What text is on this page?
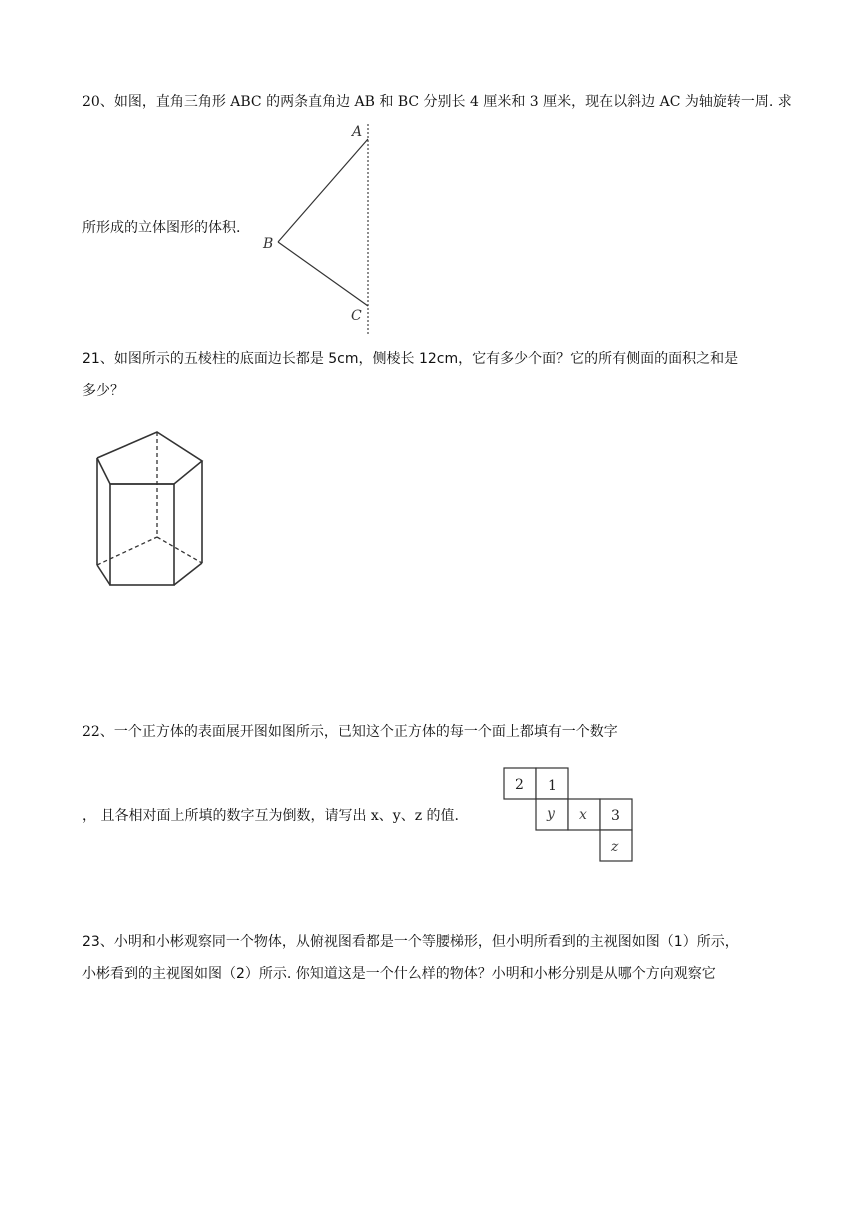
20、如图，直角三角形 ABC 的两条直角边 AB 和 BC 分别长 4 厘米和 3 厘米，现在以斜边 AC 为轴旋转一周. 求
A
B
C
所形成的立体图形的体积.
21、如图所示的五棱柱的底面边长都是 5cm，侧棱长 12cm，它有多少个面？它的所有侧面的面积之和是
多少？
22、一个正方体的表面展开图如图所示，已知这个正方体的每一个面上都填有一个数字
， 且各相对面上所填的数字互为倒数，请写出 x、y、z 的值.
2 1
y x 3
z
23、小明和小彬观察同一个物体，从俯视图看都是一个等腰梯形，但小明所看到的主视图如图（1）所示，
小彬看到的主视图如图（2）所示. 你知道这是一个什么样的物体？小明和小彬分别是从哪个方向观察它
